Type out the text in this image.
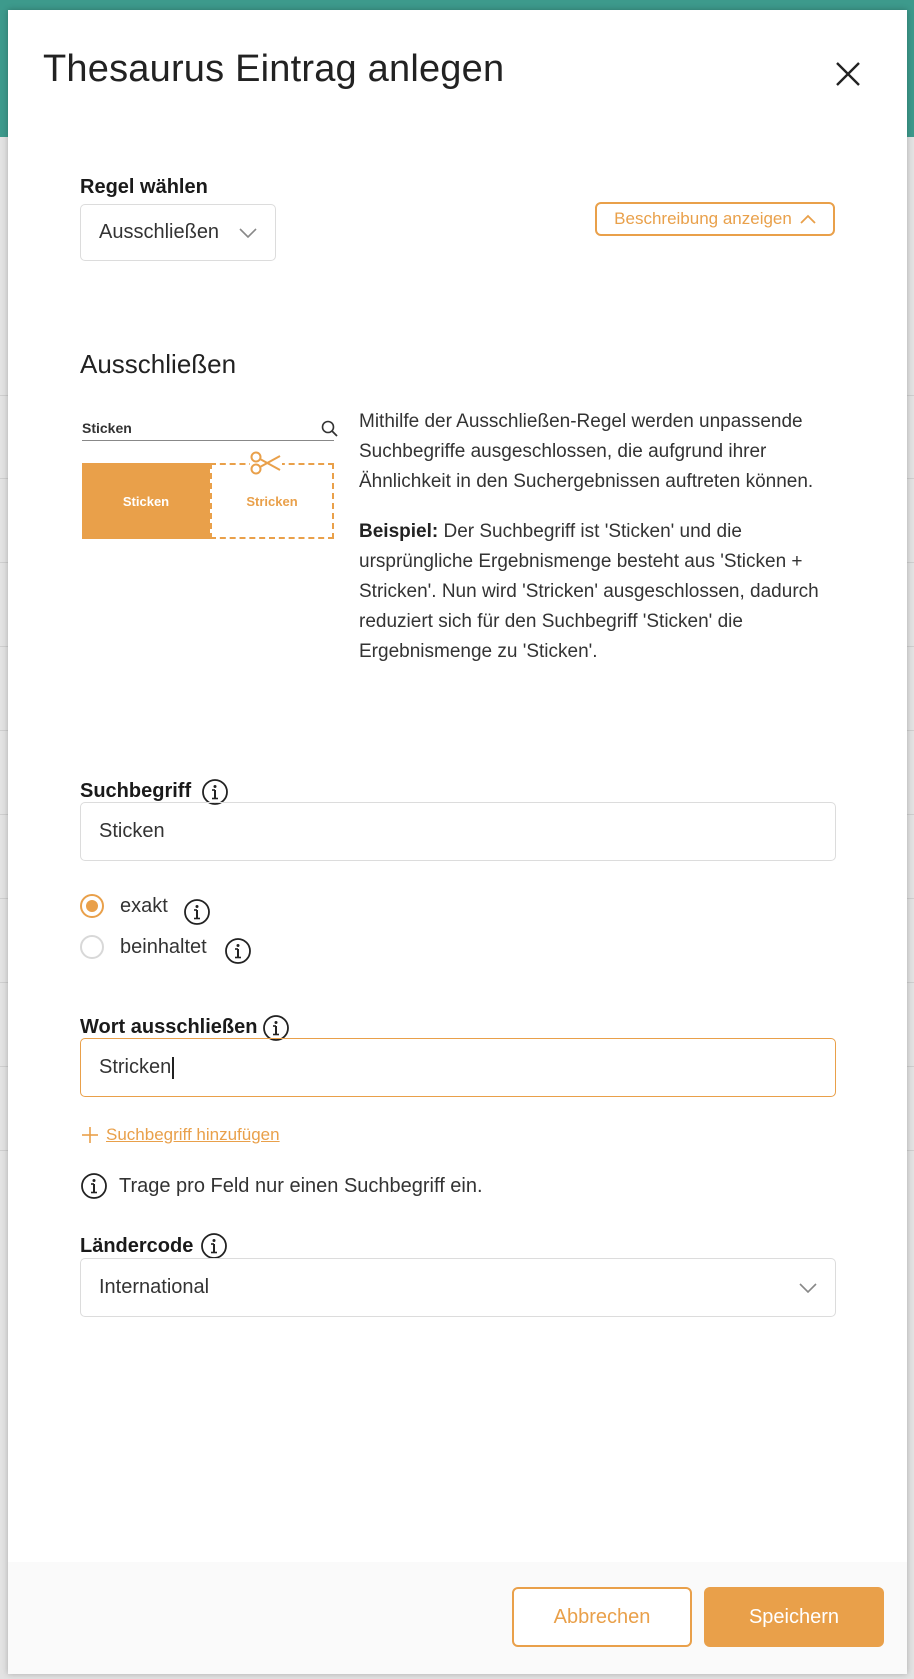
Thesaurus Eintrag anlegen
Regel wählen
Ausschließen
Beschreibung anzeigen
Ausschließen
Sticken
Sticken	Stricken

Mithilfe der Ausschließen-Regel werden unpassende Suchbegriffe ausgeschlossen, die aufgrund ihrer Ähnlichkeit in den Suchergebnissen auftreten können.

Beispiel: Der Suchbegriff ist 'Sticken' und die ursprüngliche Ergebnismenge besteht aus 'Sticken + Stricken'. Nun wird 'Stricken' ausgeschlossen, dadurch reduziert sich für den Suchbegriff 'Sticken' die Ergebnismenge zu 'Sticken'.

Suchbegriff
Sticken
exakt
beinhaltet
Wort ausschließen
Stricken
Suchbegriff hinzufügen
Trage pro Feld nur einen Suchbegriff ein.
Ländercode
International
Abbrechen	Speichern
